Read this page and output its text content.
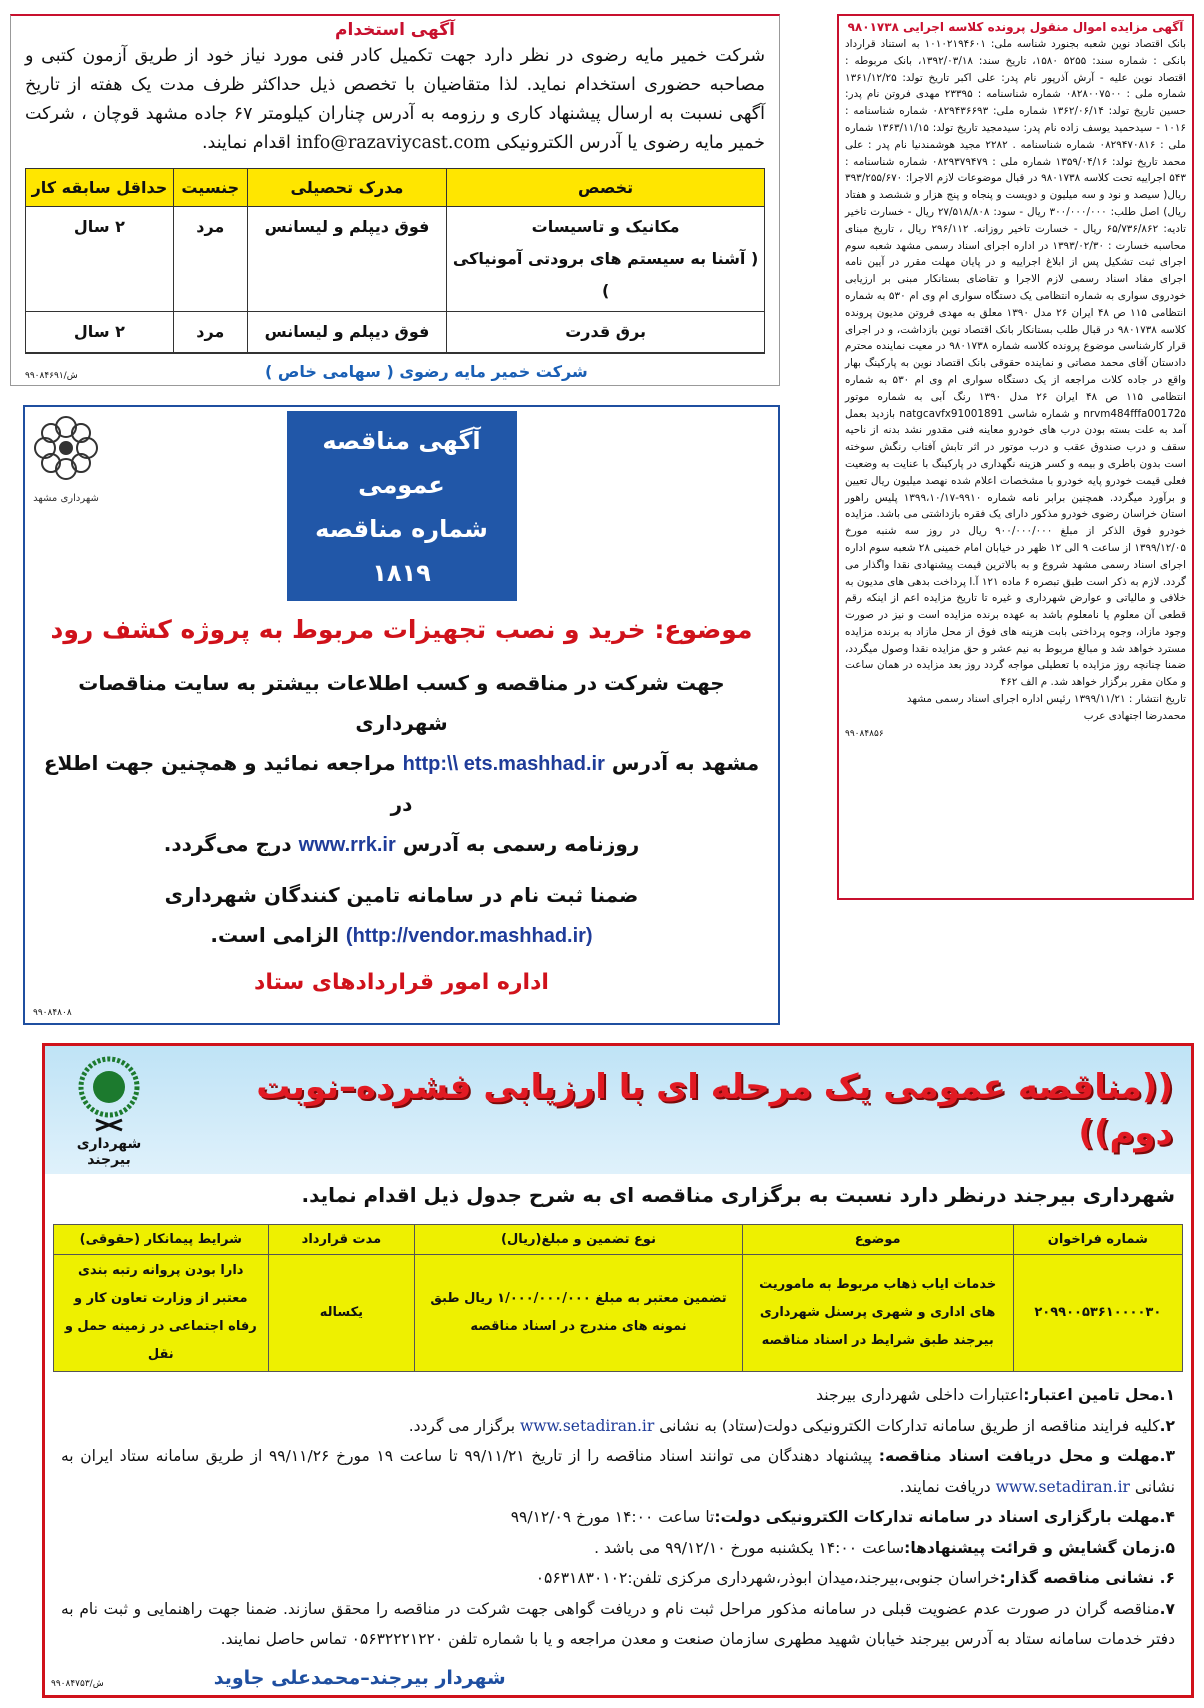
آگهی مزایده اموال منقول پرونده کلاسه اجرایی ۹۸۰۱۷۳۸

بانک اقتصاد نوین شعبه بجنورد شناسه ملی: ۱۰۱۰۲۱۹۴۶۰۱ به استناد قرارداد بانکی : شماره سند: ۵۲۵۵ ۱۵۸۰، تاریخ سند: ۱۳۹۲/۰۳/۱۸، بانک مربوطه : اقتصاد نوین علیه - آرش آذرپور نام پدر: علی اکبر تاریخ تولد: ۱۳۶۱/۱۲/۲۵ شماره ملی : ۰۸۲۸۰۰۷۵۰۰ شماره شناسنامه : ۲۳۳۹۵ مهدی فروتن نام پدر: حسین تاریخ تولد: ۱۳۶۲/۰۶/۱۴ شماره ملی: ۰۸۲۹۴۳۶۶۹۳ شماره شناسنامه : ۱۰۱۶ - سیدحمید یوسف زاده نام پدر: سیدمجید تاریخ تولد: ۱۳۶۳/۱۱/۱۵ شماره ملی : ۰۸۲۹۴۷۰۸۱۶ شماره شناسنامه . ۲۲۸۲ مجید هوشمندنیا نام پدر : علی محمد تاریخ تولد: ۱۳۵۹/۰۴/۱۶ شماره ملی : ۰۸۲۹۳۷۹۴۷۹ شماره شناسنامه : ۵۴۳ اجراییه تحت کلاسه ۹۸۰۱۷۳۸ در قبال موضوعات لازم الاجرا: ۳۹۳/۲۵۵/۶۷۰ ریال( سیصد و نود و سه میلیون و دویست و پنجاه و پنج هزار و ششصد و هفتاد ریال) اصل طلب: ۳۰۰/۰۰۰/۰۰۰ ریال - سود: ۲۷/۵۱۸/۸۰۸ ریال - خسارت تاخیر تادیه: ۶۵/۷۳۶/۸۶۲ ریال - خسارت تاخیر روزانه. ۲۹۶/۱۱۲ ریال ، تاریخ مبنای محاسبه خسارت : ۱۳۹۳/۰۲/۳۰ در اداره اجرای اسناد رسمی مشهد شعبه سوم اجرای ثبت تشکیل پس از ابلاغ اجراییه و در پایان مهلت مقرر در آیین نامه اجرای مفاد اسناد رسمی لازم الاجرا و تقاضای بستانکار مبنی بر ارزیابی خودروی سواری به شماره انتظامی یک دستگاه سواری ام وی ام ۵۳۰ به شماره انتظامی ۱۱۵ ص ۴۸ ایران ۲۶ مدل ۱۳۹۰ معلق به مهدی فروتن مدیون پرونده کلاسه ۹۸۰۱۷۳۸ در قبال طلب بستانکار بانک اقتصاد نوین بازداشت، و در اجرای قرار کارشناسی موضوع پرونده کلاسه شماره ۹۸۰۱۷۳۸ در معیت نماینده محترم دادستان آقای محمد مصاتی و نماینده حقوقی بانک اقتصاد نوین به پارکینگ بهار واقع در جاده کلات مراجعه از یک دستگاه سواری ام وی ام ۵۳۰ به شماره انتظامی ۱۱۵ ص ۴۸ ایران ۲۶ مدل ۱۳۹۰ رنگ آبی به شماره موتور nrvm484fffa00172۵ و شماره شاسی natgcavfx91001891 بازدید بعمل آمد به علت بسته بودن درب های خودرو معاینه فنی مقدور نشد بدنه از ناحیه سقف و درب صندوق عقب و درب موتور در اثر تابش آفتاب رنگش سوخته است بدون باطری و بیمه و کسر هزینه نگهداری در پارکینگ با عنایت به وضعیت فعلی قیمت خودرو پایه خودرو با مشخصات اعلام شده نهصد میلیون ریال تعیین و برآورد میگردد. همچنین برابر نامه شماره ۹۹۱۰-۱۳۹۹،۱۰/۱۷ پلیس راهور استان خراسان رضوی خودرو مذکور دارای یک فقره بازداشتی می باشد. مزایده خودرو فوق الذکر از مبلغ ۹۰۰/۰۰۰/۰۰۰ ریال در روز سه شنبه مورخ ۱۳۹۹/۱۲/۰۵ از ساعت ۹ الی ۱۲ ظهر در خیابان امام خمینی ۲۸ شعبه سوم اداره اجرای اسناد رسمی مشهد شروع و به بالاترین قیمت پیشنهادی نقدا واگذار می گردد. لازم به ذکر است طبق تبصره ۶ ماده ۱۲۱ آ.ا پرداخت بدهی های مدیون به خلافی و مالیاتی و عوارض شهرداری و غیره تا تاریخ مزایده اعم از اینکه رقم قطعی آن معلوم یا نامعلوم باشد به عهده برنده مزایده است و نیز در صورت وجود مازاد، وجوه پرداختی بابت هزینه های فوق از محل مازاد به برنده مزایده مسترد خواهد شد و مبالغ مربوط به نیم عشر و حق مزایده نقدا وصول میگردد، ضمنا چنانچه روز مزایده با تعطیلی مواجه گردد روز بعد مزایده در همان ساعت و مکان مقرر برگزار خواهد شد. م الف ۴۶۲

تاریخ انتشار : ۱۳۹۹/۱۱/۲۱ رئیس اداره اجرای اسناد رسمی مشهد

محمدرضا اجتهادی عرب

۹۹۰۸۴۸۵۶
آگهی استخدام

شرکت خمیر مایه رضوی در نظر دارد جهت تکمیل کادر فنی مورد نیاز خود از طریق آزمون کتبی و مصاحبه حضوری استخدام نماید. لذا متقاضیان با تخصص ذیل حداکثر ظرف مدت یک هفته از تاریخ آگهی نسبت به ارسال پیشنهاد کاری و رزومه به آدرس چناران کیلومتر ۶۷ جاده مشهد قوچان ، شرکت خمیر مایه رضوی یا آدرس الکترونیکی info@razaviycast.com اقدام نمایند.

تخصص	مدرک تحصیلی	جنسیت	حداقل سابقه کار

مکانیک و تاسیسات
( آشنا به سیستم های برودتی آمونیاکی )	فوق دیپلم و لیسانس	مرد	۲ سال
برق قدرت	فوق دیپلم و لیسانس	مرد	۲ سال
شرکت خمیر مایه رضوی ( سهامی خاص )
۹۹۰۸۴۶۹۱/ش
شهرداری مشهد
آگهی مناقصه عمومی
شماره مناقصه ۱۸۱۹
موضوع: خرید و نصب تجهیزات مربوط به پروژه کشف رود
جهت شرکت در مناقصه و کسب اطلاعات بیشتر به سایت مناقصات شهرداری
مشهد به آدرس http:\\ ets.mashhad.ir مراجعه نمائید و همچنین جهت اطلاع در
روزنامه رسمی به آدرس www.rrk.ir درج می‌گردد.
ضمنا ثبت نام در سامانه تامین کنندگان شهرداری
(http://vendor.mashhad.ir) الزامی است.
اداره امور قراردادهای ستاد
۹۹۰۸۴۸۰۸
((مناقصه عمومی یک مرحله ای با ارزیابی فشرده–نوبت دوم))
شهرداری بیرجند
شهرداری بیرجند درنظر دارد نسبت به برگزاری مناقصه ای به شرح جدول ذیل اقدام نماید.
شماره فراخوان	موضوع	نوع تضمین و مبلغ(ریال)	مدت قرارداد	شرایط پیمانکار (حقوقی)
۲۰۹۹۰۰۵۳۶۱۰۰۰۰۳۰	خدمات ایاب ذهاب مربوط به ماموریت های اداری و شهری پرسنل شهرداری بیرجند طبق شرایط در اسناد مناقصه	تضمین معتبر به مبلغ ۱/۰۰۰/۰۰۰/۰۰۰ ریال طبق نمونه های مندرج در اسناد مناقصه	یکساله	دارا بودن پروانه رتبه بندی معتبر از وزارت تعاون کار و رفاه اجتماعی در زمینه حمل و نقل
۱.محل تامین اعتبار:اعتبارات داخلی شهرداری بیرجند
۲.کلیه فرایند مناقصه از طریق سامانه تدارکات الکترونیکی دولت(ستاد) به نشانی www.setadiran.ir برگزار می گردد.
۳.مهلت و محل دریافت اسناد مناقصه: پیشنهاد دهندگان می توانند اسناد مناقصه را از تاریخ ۹۹/۱۱/۲۱ تا ساعت ۱۹ مورخ ۹۹/۱۱/۲۶ از طریق سامانه ستاد ایران به نشانی www.setadiran.ir دریافت نمایند.
۴.مهلت بارگزاری اسناد در سامانه تدارکات الکترونیکی دولت:تا ساعت ۱۴:۰۰ مورخ ۹۹/۱۲/۰۹
۵.زمان گشایش و قرائت پیشنهادها:ساعت ۱۴:۰۰ یکشنبه مورخ ۹۹/۱۲/۱۰ می باشد .
۶. نشانی مناقصه گذار:خراسان جنوبی،بیرجند،میدان ابوذر،شهرداری مرکزی تلفن:۰۵۶۳۱۸۳۰۱۰۲
۷.مناقصه گران در صورت عدم عضویت قبلی در سامانه مذکور مراحل ثبت نام و دریافت گواهی جهت شرکت در مناقصه را محقق سازند. ضمنا جهت راهنمایی و ثبت نام به دفتر خدمات سامانه ستاد به آدرس بیرجند خیابان شهید مطهری سازمان صنعت و معدن مراجعه و یا با شماره تلفن ۰۵۶۳۲۲۲۱۲۲۰ تماس حاصل نمایند.
شهردار بیرجند–محمدعلی جاوید
۹۹۰۸۴۷۵۳/ش
